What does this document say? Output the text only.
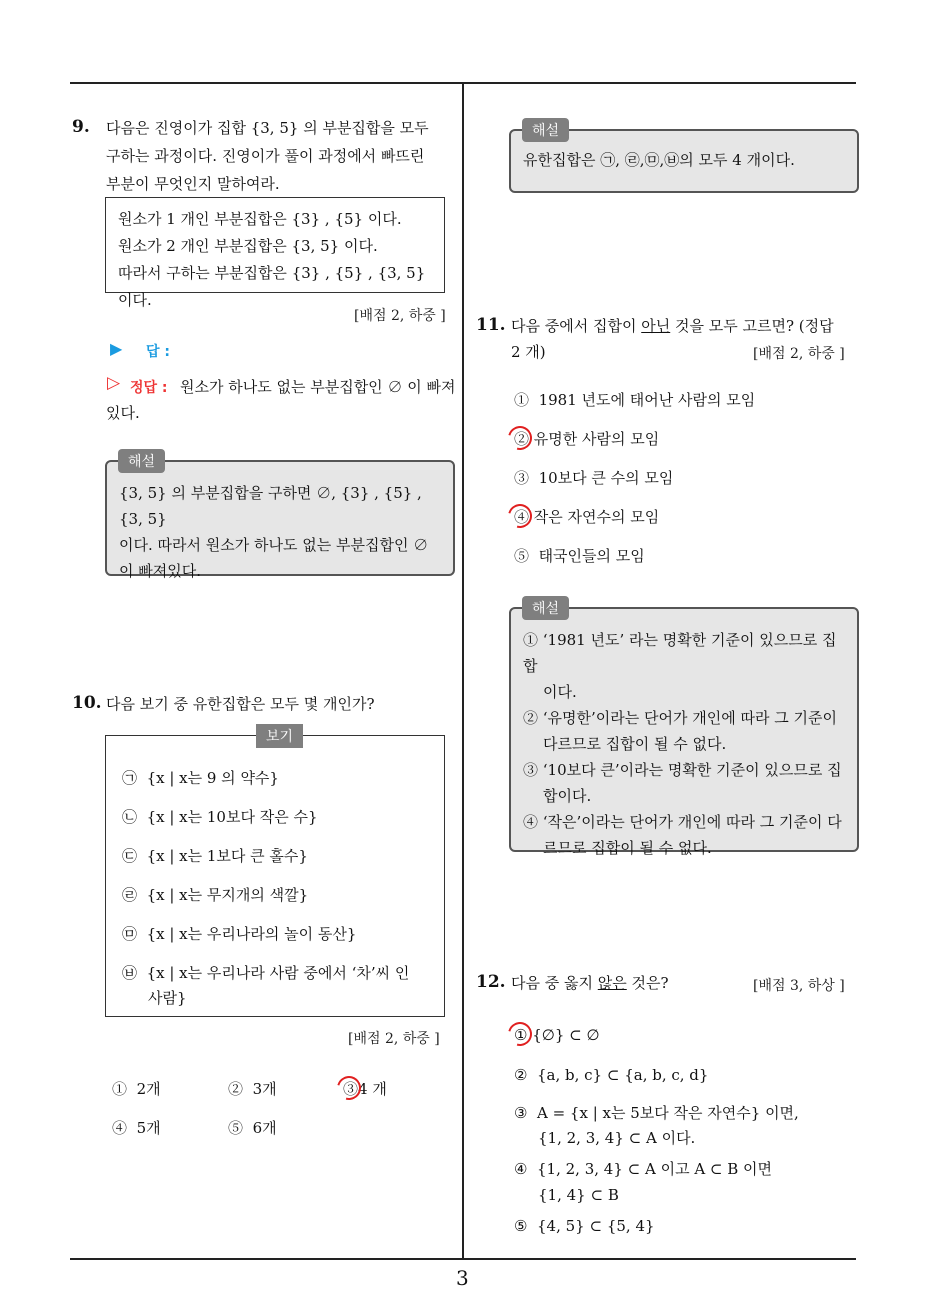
9. 다음은 진영이가 집합 {3, 5} 의 부분집합을 모두
구하는 과정이다. 진영이가 풀이 과정에서 빠뜨린
부분이 무엇인지 말하여라.
원소가 1 개인 부분집합은 {3} , {5} 이다.
원소가 2 개인 부분집합은 {3, 5} 이다.
따라서 구하는 부분집합은 {3} , {5} , {3, 5} 이다.
[배점 2, 하중 ]
▶ 답 :
▷ 정답 : 원소가 하나도 없는 부분집합인 ∅ 이 빠져
있다.
{3, 5} 의 부분집합을 구하면 ∅, {3} , {5} , {3, 5}
이다. 따라서 원소가 하나도 없는 부분집합인 ∅
이 빠져있다.
해설
10. 다음 보기 중 유한집합은 모두 몇 개인가?
㉠ {x | x는 9 의 약수}
㉡ {x | x는 10보다 작은 수}
㉢ {x | x는 1보다 큰 홀수}
㉣ {x | x는 무지개의 색깔}
㉤ {x | x는 우리나라의 놀이 동산}
㉥ {x | x는 우리나라 사람 중에서 ‘차’씨 인
사람}
보기
[배점 2, 하중 ]
① 2개	② 3개	③4 개
④ 5개	⑤ 6개
유한집합은 ㉠, ㉣,㉤,㉥의 모두 4 개이다.
해설
11. 다음 중에서 집합이 아닌 것을 모두 고르면? (정답
2 개)	[배점 2, 하중 ]
① 1981 년도에 태어난 사람의 모임
② 유명한 사람의 모임
③ 10보다 큰 수의 모임
④ 작은 자연수의 모임
⑤ 태국인들의 모임
① ‘1981 년도’ 라는 명확한 기준이 있으므로 집합
이다.
② ‘유명한’이라는 단어가 개인에 따라 그 기준이
다르므로 집합이 될 수 없다.
③ ‘10보다 큰’이라는 명확한 기준이 있으므로 집
합이다.
④ ‘작은’이라는 단어가 개인에 따라 그 기준이 다
르므로 집합이 될 수 없다.
해설
12. 다음 중 옳지 않은 것은?	[배점 3, 하상 ]
① {∅} ⊂ ∅
② {a, b, c} ⊂ {a, b, c, d}
③ A = {x | x는 5보다 작은 자연수} 이면,
{1, 2, 3, 4} ⊂ A 이다.
④ {1, 2, 3, 4} ⊂ A 이고 A ⊂ B 이면
{1, 4} ⊂ B
⑤ {4, 5} ⊂ {5, 4}
3
